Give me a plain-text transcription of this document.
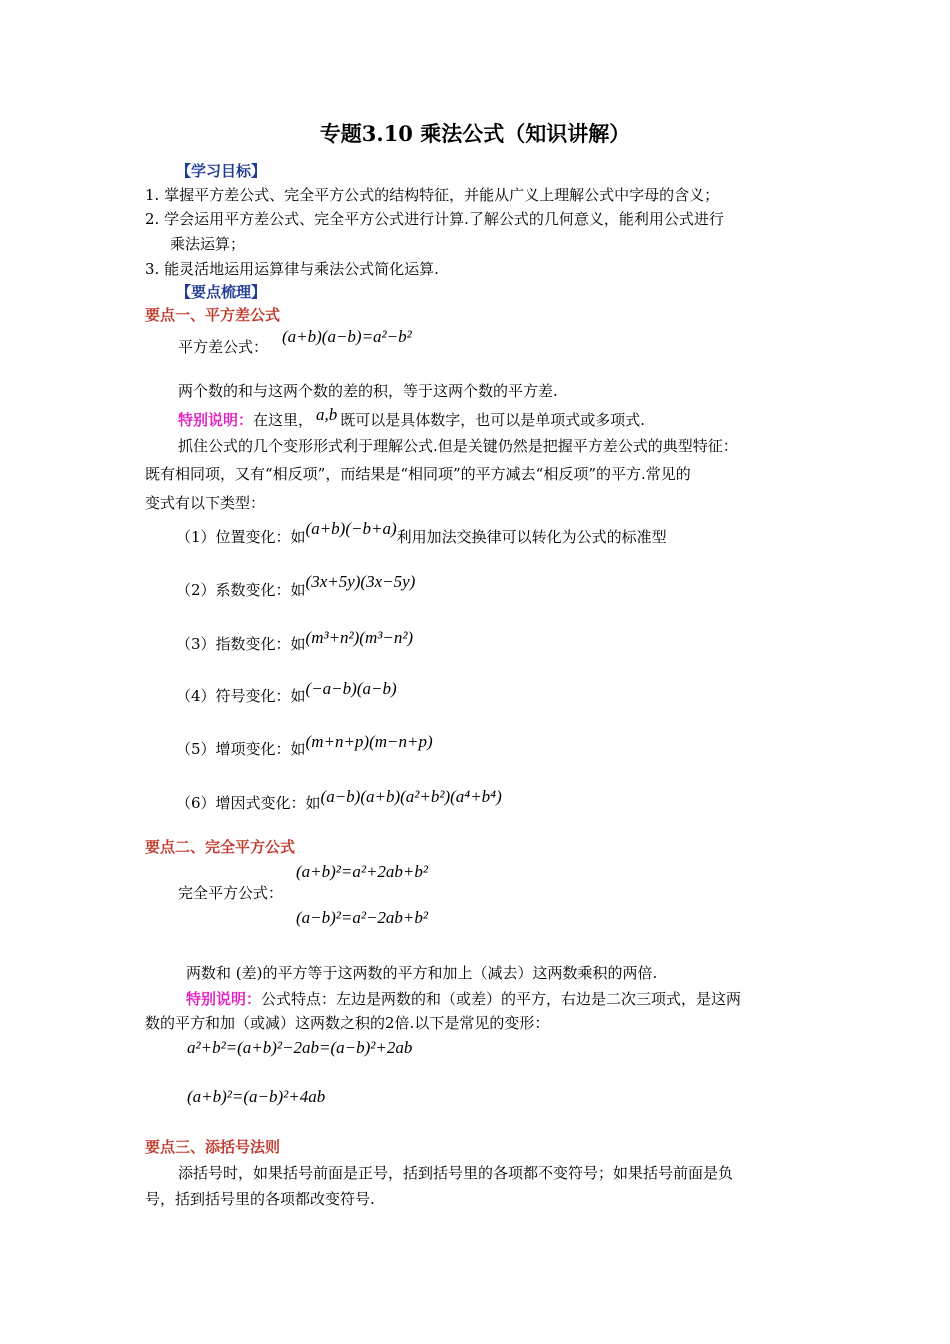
专题3.10 乘法公式（知识讲解）
【学习目标】
1. 掌握平方差公式、完全平方公式的结构特征，并能从广义上理解公式中字母的含义；
2. 学会运用平方差公式、完全平方公式进行计算.了解公式的几何意义，能利用公式进行
乘法运算；
3. 能灵活地运用运算律与乘法公式简化运算.
【要点梳理】
要点一、平方差公式
平方差公式：
(a+b)(a−b)=a²−b²
两个数的和与这两个数的差的积，等于这两个数的平方差.
特别说明：在这里， a,b 既可以是具体数字，也可以是单项式或多项式.
抓住公式的几个变形形式利于理解公式.但是关键仍然是把握平方差公式的典型特征：
既有相同项，又有“相反项”，而结果是“相同项”的平方减去“相反项”的平方.常见的
变式有以下类型：
（1）位置变化：如(a+b)(−b+a)利用加法交换律可以转化为公式的标准型
（2）系数变化：如(3x+5y)(3x−5y)
（3）指数变化：如(m³+n²)(m³−n²)
（4）符号变化：如(−a−b)(a−b)
（5）增项变化：如(m+n+p)(m−n+p)
（6）增因式变化：如(a−b)(a+b)(a²+b²)(a⁴+b⁴)
要点二、完全平方公式
完全平方公式：
(a+b)²=a²+2ab+b²
(a−b)²=a²−2ab+b²
两数和 (差)的平方等于这两数的平方和加上（减去）这两数乘积的两倍.
特别说明：公式特点：左边是两数的和（或差）的平方，右边是二次三项式，是这两
数的平方和加（或减）这两数之积的2倍.以下是常见的变形：
a²+b²=(a+b)²−2ab=(a−b)²+2ab
(a+b)²=(a−b)²+4ab
要点三、添括号法则
添括号时，如果括号前面是正号，括到括号里的各项都不变符号；如果括号前面是负
号，括到括号里的各项都改变符号.
